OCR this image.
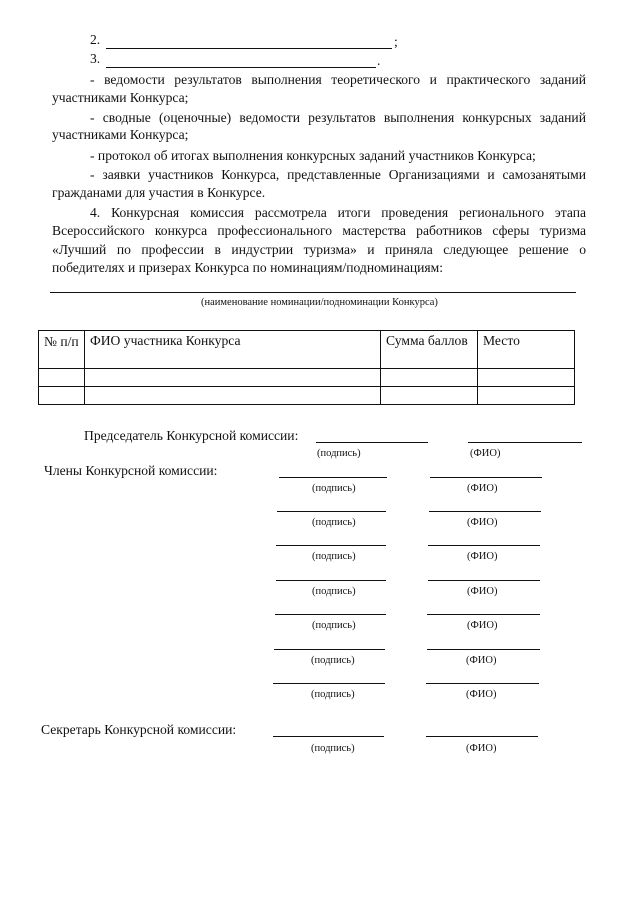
2.	;
3.	.
- ведомости результатов выполнения теоретического и практического заданий
участниками Конкурса;
- сводные (оценочные) ведомости результатов выполнения конкурсных заданий
участниками Конкурса;
- протокол об итогах выполнения конкурсных заданий участников Конкурса;
- заявки участников Конкурса, представленные Организациями и самозанятыми
гражданами для участия в Конкурсе.
4. Конкурсная комиссия рассмотрела итоги проведения регионального этапа
Всероссийского конкурса профессионального мастерства работников сферы туризма
«Лучший по профессии в индустрии туризма» и приняла следующее решение о
победителях и призерах Конкурса по номинациям/подноминациям:
(наименование номинации/подноминации Конкурса)
№ п/п	ФИО участника Конкурса	Сумма баллов	Место

Председатель Конкурсной комиссии:
(подпись)	(ФИО)
Члены Конкурсной комиссии:
(подпись)	(ФИО)
(подпись)	(ФИО)
(подпись)	(ФИО)
(подпись)	(ФИО)
(подпись)	(ФИО)
(подпись)	(ФИО)
(подпись)	(ФИО)
Секретарь Конкурсной комиссии:
(подпись)	(ФИО)
